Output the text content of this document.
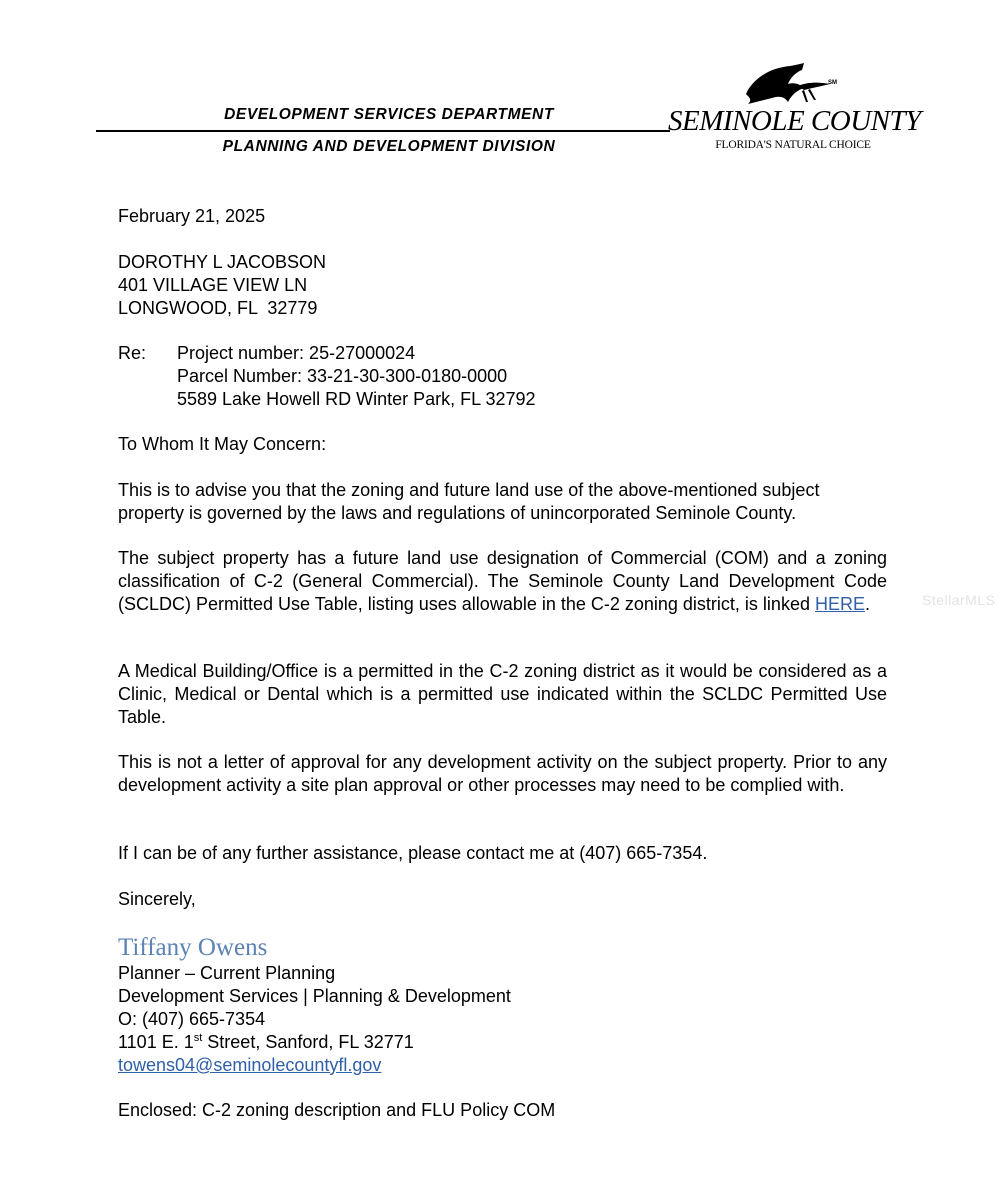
DEVELOPMENT SERVICES DEPARTMENT
PLANNING AND DEVELOPMENT DIVISION
SM
SEMINOLE COUNTY
FLORIDA'S NATURAL CHOICE
February 21, 2025
DOROTHY L JACOBSON
401 VILLAGE VIEW LN
LONGWOOD, FL  32779
Re: Project number: 25-27000024
Parcel Number: 33-21-30-300-0180-0000
5589 Lake Howell RD Winter Park, FL 32792
To Whom It May Concern:
This is to advise you that the zoning and future land use of the above-mentioned subject property is governed by the laws and regulations of unincorporated Seminole County.
The subject property has a future land use designation of Commercial (COM) and a zoning classification of C-2 (General Commercial). The Seminole County Land Development Code (SCLDC) Permitted Use Table, listing uses allowable in the C-2 zoning district, is linked HERE.
A Medical Building/Office is a permitted in the C-2 zoning district as it would be considered as a Clinic, Medical or Dental which is a permitted use indicated within the SCLDC Permitted Use Table.
This is not a letter of approval for any development activity on the subject property. Prior to any development activity a site plan approval or other processes may need to be complied with.
If I can be of any further assistance, please contact me at (407) 665-7354.
Sincerely,
Tiffany Owens
Planner – Current Planning
Development Services | Planning & Development
O: (407) 665-7354
1101 E. 1st Street, Sanford, FL 32771
towens04@seminolecountyfl.gov
Enclosed: C-2 zoning description and FLU Policy COM
StellarMLS
